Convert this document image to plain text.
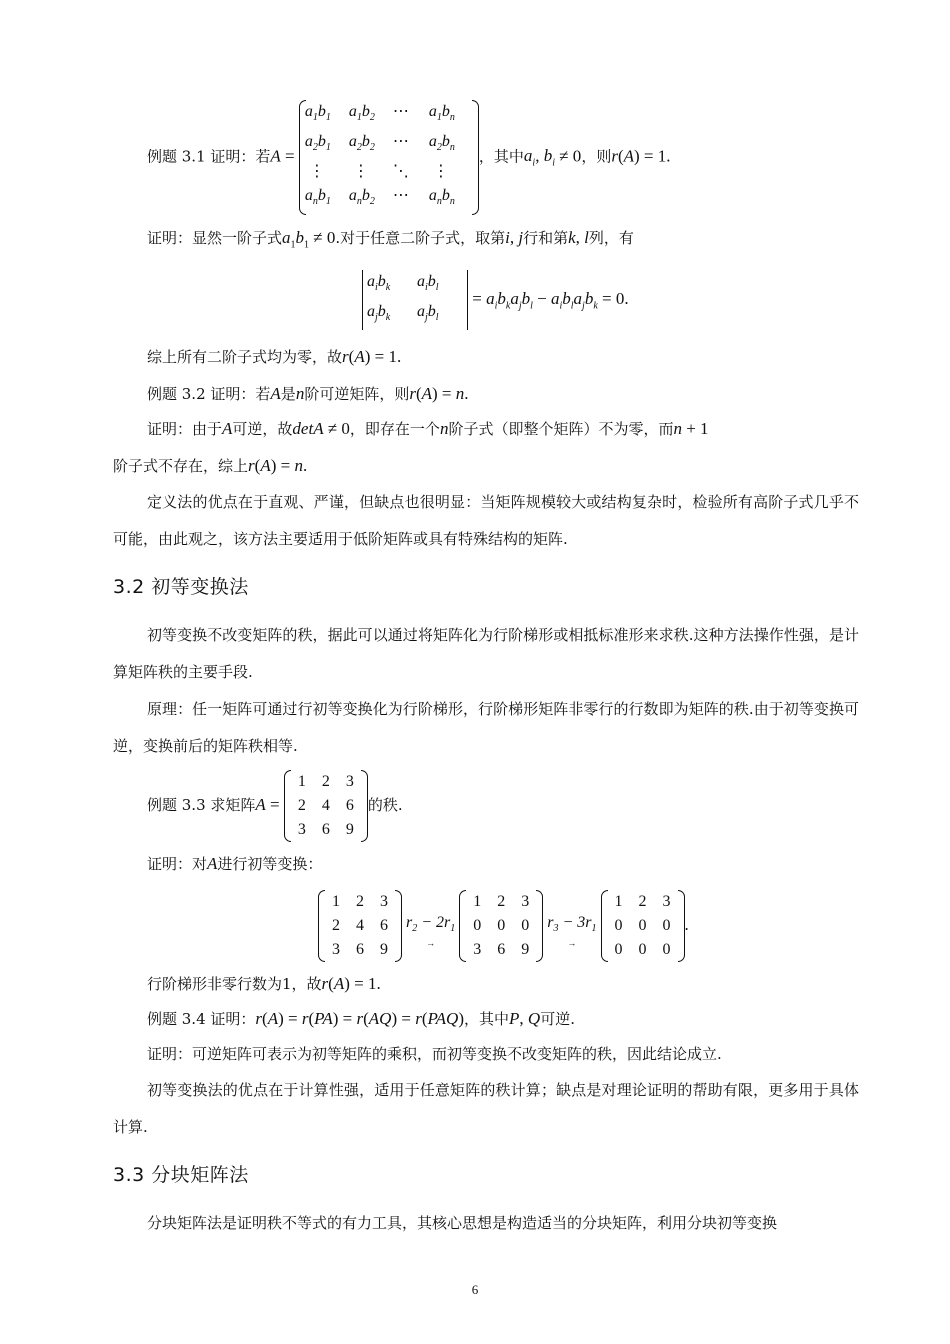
例题 3.1 证明：若A =
$a_1b_1$	$a_1b_2$	⋯	$a_1b_n$
$a_2b_1$	$a_2b_2$	⋯	$a_2b_n$
⋮	⋮	⋱	⋮
$a_nb_1$	$a_nb_2$	⋯	$a_nb_n$
，其中$a_i$, $b_i \ne 0$，则r(A) = 1.
证明：显然一阶子式$a_1b_1 \ne 0$.对于任意二阶子式，取第i, j行和第k, l列，有
$a_ib_k$	$a_ib_l$
$a_jb_k$	$a_jb_l$
= $a_ib_ka_jb_l - a_ib_la_jb_k = 0$.
综上所有二阶子式均为零，故r(A) = 1.
例题 3.2 证明：若A是n阶可逆矩阵，则r(A) = n.
证明：由于A可逆，故detA ≠ 0，即存在一个n阶子式（即整个矩阵）不为零，而n + 1
阶子式不存在，综上r(A) = n.
定义法的优点在于直观、严谨，但缺点也很明显：当矩阵规模较大或结构复杂时，检验所有高阶子式几乎不可能，由此观之，该方法主要适用于低阶矩阵或具有特殊结构的矩阵.
3.2 初等变换法
初等变换不改变矩阵的秩，据此可以通过将矩阵化为行阶梯形或相抵标准形来求秩.这种方法操作性强，是计算矩阵秩的主要手段.
原理：任一矩阵可通过行初等变换化为行阶梯形，行阶梯形矩阵非零行的行数即为矩阵的秩.由于初等变换可逆，变换前后的矩阵秩相等.
例题 3.3 求矩阵A =
1	2	3
2	4	6
3	6	9
的秩.
证明：对A进行初等变换：
1	2	3
2	4	6
3	6	9
$r_2 - 2r_1$
→
1	2	3
0	0	0
3	6	9
$r_3 - 3r_1$
→
1	2	3
0	0	0
0	0	0
.
行阶梯形非零行数为1，故r(A) = 1.
例题 3.4 证明：r(A) = r(PA) = r(AQ) = r(PAQ)，其中P, Q可逆.
证明：可逆矩阵可表示为初等矩阵的乘积，而初等变换不改变矩阵的秩，因此结论成立.
初等变换法的优点在于计算性强，适用于任意矩阵的秩计算；缺点是对理论证明的帮助有限，更多用于具体计算.
3.3 分块矩阵法
分块矩阵法是证明秩不等式的有力工具，其核心思想是构造适当的分块矩阵，利用分块初等变换
6
